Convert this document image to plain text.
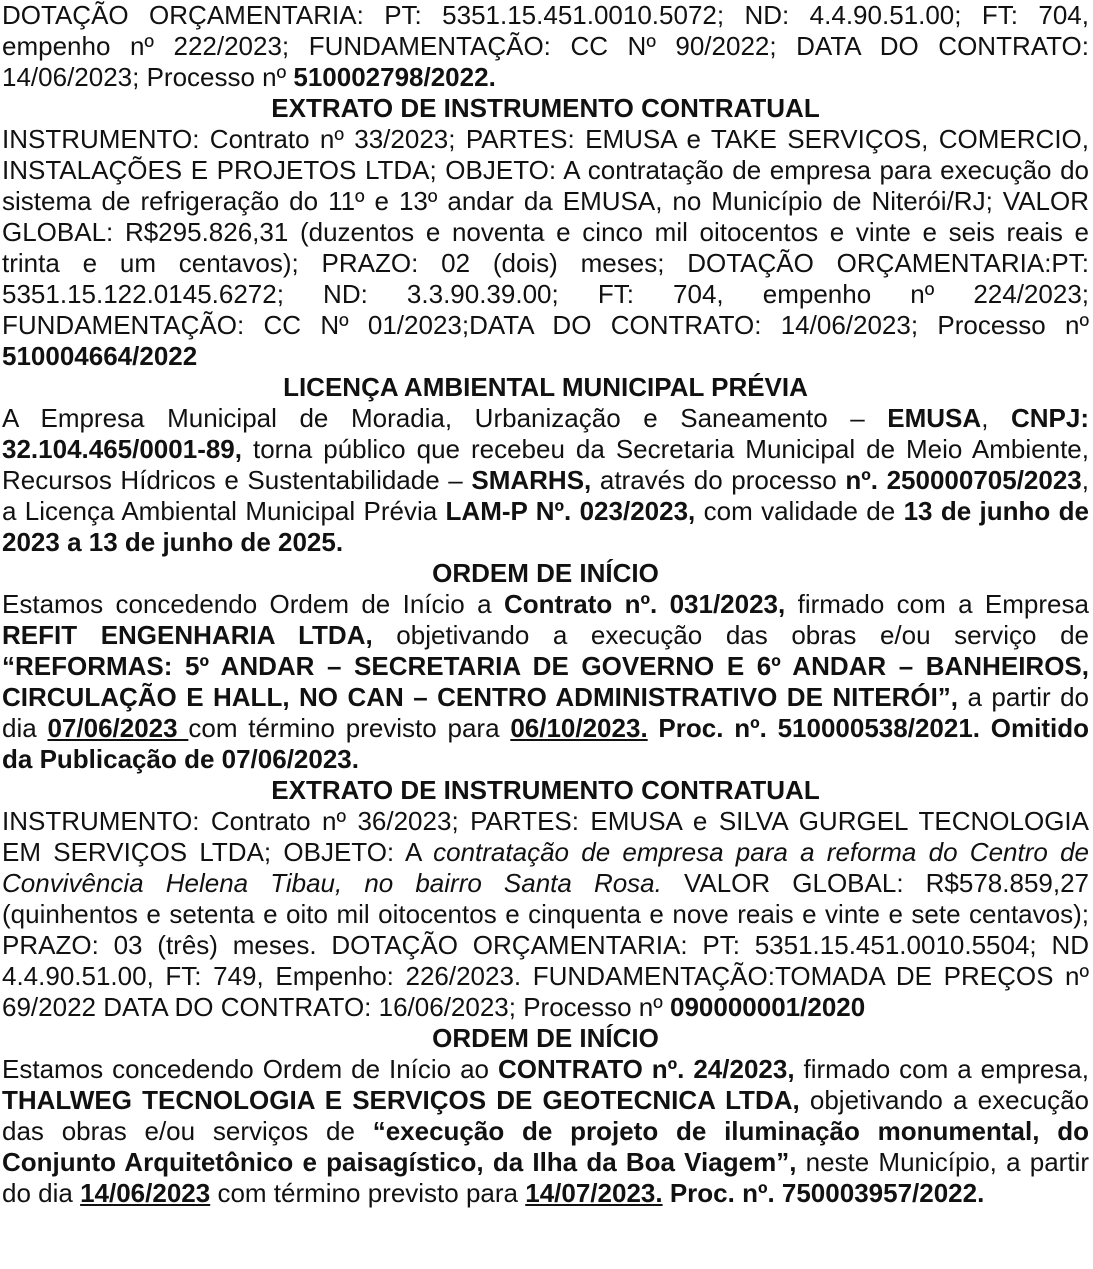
DOTAÇÃO ORÇAMENTARIA: PT: 5351.15.451.0010.5072; ND: 4.4.90.51.00; FT: 704, empenho nº 222/2023; FUNDAMENTAÇÃO: CC Nº 90/2022; DATA DO CONTRATO: 14/06/2023; Processo nº 510002798/2022.

EXTRATO DE INSTRUMENTO CONTRATUAL

INSTRUMENTO: Contrato nº 33/2023; PARTES: EMUSA e TAKE SERVIÇOS, COMERCIO, INSTALAÇÕES E PROJETOS LTDA; OBJETO: A contratação de empresa para execução do sistema de refrigeração do 11º e 13º andar da EMUSA, no Município de Niterói/RJ; VALOR GLOBAL: R$295.826,31 (duzentos e noventa e cinco mil oitocentos e vinte e seis reais e trinta e um centavos); PRAZO: 02 (dois) meses; DOTAÇÃO ORÇAMENTARIA:PT: 5351.15.122.0145.6272; ND: 3.3.90.39.00; FT: 704, empenho nº 224/2023; FUNDAMENTAÇÃO: CC Nº 01/2023;DATA DO CONTRATO: 14/06/2023; Processo nº 510004664/2022

LICENÇA AMBIENTAL MUNICIPAL PRÉVIA

A Empresa Municipal de Moradia, Urbanização e Saneamento – EMUSA, CNPJ: 32.104.465/0001-89, torna público que recebeu da Secretaria Municipal de Meio Ambiente, Recursos Hídricos e Sustentabilidade – SMARHS, através do processo nº. 250000705/2023, a Licença Ambiental Municipal Prévia LAM-P Nº. 023/2023, com validade de 13 de junho de 2023 a 13 de junho de 2025.

ORDEM DE INÍCIO

Estamos concedendo Ordem de Início a Contrato nº. 031/2023, firmado com a Empresa REFIT ENGENHARIA LTDA, objetivando a execução das obras e/ou serviço de “REFORMAS: 5º ANDAR – SECRETARIA DE GOVERNO E 6º ANDAR – BANHEIROS, CIRCULAÇÃO E HALL, NO CAN – CENTRO ADMINISTRATIVO DE NITERÓI”, a partir do dia 07/06/2023 com término previsto para 06/10/2023. Proc. nº. 510000538/2021. Omitido da Publicação de 07/06/2023.

EXTRATO DE INSTRUMENTO CONTRATUAL

INSTRUMENTO: Contrato nº 36/2023; PARTES: EMUSA e SILVA GURGEL TECNOLOGIA EM SERVIÇOS LTDA; OBJETO: A contratação de empresa para a reforma do Centro de Convivência Helena Tibau, no bairro Santa Rosa. VALOR GLOBAL: R$578.859,27 (quinhentos e setenta e oito mil oitocentos e cinquenta e nove reais e vinte e sete centavos); PRAZO: 03 (três) meses. DOTAÇÃO ORÇAMENTARIA: PT: 5351.15.451.0010.5504; ND 4.4.90.51.00, FT: 749, Empenho: 226/2023. FUNDAMENTAÇÃO:TOMADA DE PREÇOS nº 69/2022 DATA DO CONTRATO: 16/06/2023; Processo nº 090000001/2020

ORDEM DE INÍCIO

Estamos concedendo Ordem de Início ao CONTRATO nº. 24/2023, firmado com a empresa, THALWEG TECNOLOGIA E SERVIÇOS DE GEOTECNICA LTDA, objetivando a execução das obras e/ou serviços de “execução de projeto de iluminação monumental, do Conjunto Arquitetônico e paisagístico, da Ilha da Boa Viagem”, neste Município, a partir do dia 14/06/2023 com término previsto para 14/07/2023. Proc. nº. 750003957/2022.
